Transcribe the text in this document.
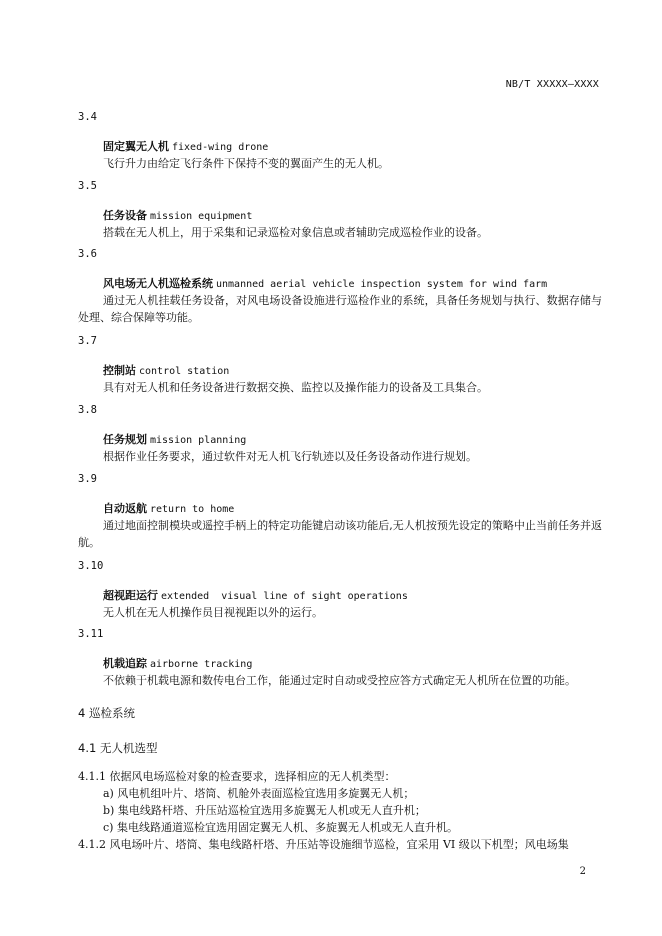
NB/T XXXXX—XXXX
3.4
固定翼无人机 fixed-wing drone
飞行升力由给定飞行条件下保持不变的翼面产生的无人机。
3.5
任务设备 mission equipment
搭载在无人机上，用于采集和记录巡检对象信息或者辅助完成巡检作业的设备。
3.6
风电场无人机巡检系统 unmanned aerial vehicle inspection system for wind farm
通过无人机挂载任务设备，对风电场设备设施进行巡检作业的系统，具备任务规划与执行、数据存储与处理、综合保障等功能。
3.7
控制站 control station
具有对无人机和任务设备进行数据交换、监控以及操作能力的设备及工具集合。
3.8
任务规划 mission planning
根据作业任务要求，通过软件对无人机飞行轨迹以及任务设备动作进行规划。
3.9
自动返航 return to home
通过地面控制模块或遥控手柄上的特定功能键启动该功能后,无人机按预先设定的策略中止当前任务并返航。
3.10
超视距运行 extended  visual line of sight operations
无人机在无人机操作员目视视距以外的运行。
3.11
机载追踪 airborne tracking
不依赖于机载电源和数传电台工作，能通过定时自动或受控应答方式确定无人机所在位置的功能。
4 巡检系统
4.1 无人机选型
4.1.1 依据风电场巡检对象的检查要求，选择相应的无人机类型：
a) 风电机组叶片、塔筒、机舱外表面巡检宜选用多旋翼无人机；
b) 集电线路杆塔、升压站巡检宜选用多旋翼无人机或无人直升机；
c) 集电线路通道巡检宜选用固定翼无人机、多旋翼无人机或无人直升机。
4.1.2 风电场叶片、塔筒、集电线路杆塔、升压站等设施细节巡检，宜采用 VI 级以下机型；风电场集
2
